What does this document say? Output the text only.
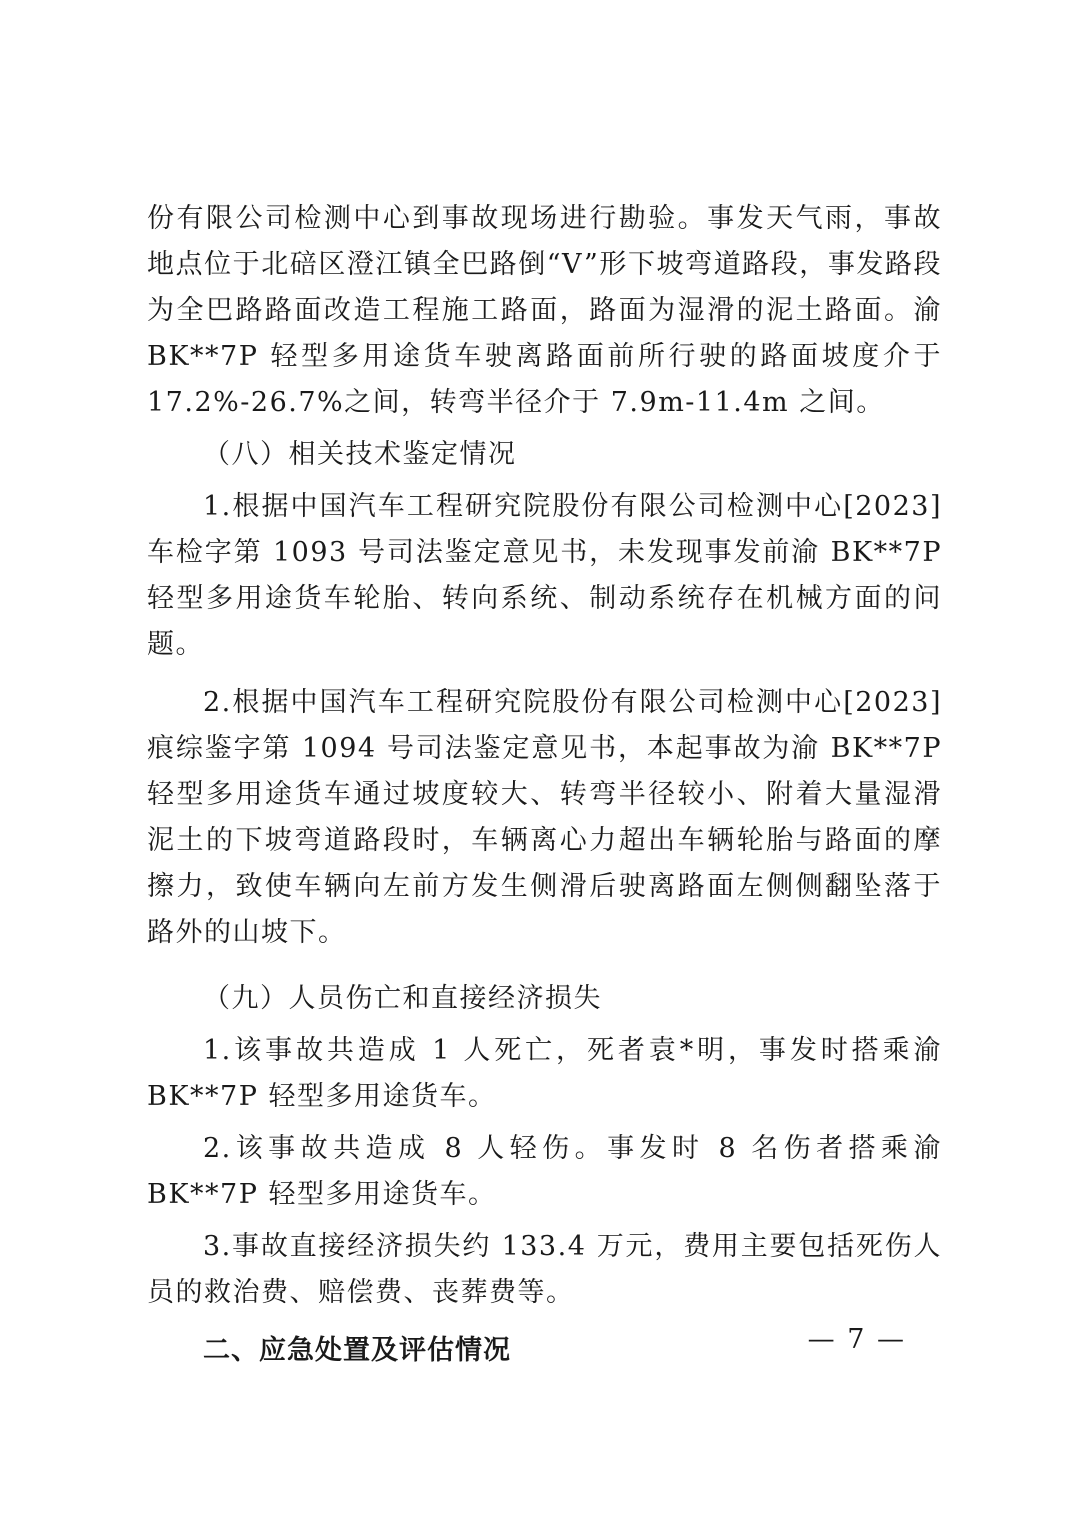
份有限公司检测中心到事故现场进行勘验。事发天气雨，事故地点位于北碚区澄江镇全巴路倒“V”形下坡弯道路段，事发路段为全巴路路面改造工程施工路面，路面为湿滑的泥土路面。渝 BK**7P 轻型多用途货车驶离路面前所行驶的路面坡度介于 17.2%-26.7%之间，转弯半径介于 7.9m-11.4m 之间。

（八）相关技术鉴定情况

1.根据中国汽车工程研究院股份有限公司检测中心[2023]车检字第 1093 号司法鉴定意见书，未发现事发前渝 BK**7P 轻型多用途货车轮胎、转向系统、制动系统存在机械方面的问题。

2.根据中国汽车工程研究院股份有限公司检测中心[2023]痕综鉴字第 1094 号司法鉴定意见书，本起事故为渝 BK**7P 轻型多用途货车通过坡度较大、转弯半径较小、附着大量湿滑泥土的下坡弯道路段时，车辆离心力超出车辆轮胎与路面的摩擦力，致使车辆向左前方发生侧滑后驶离路面左侧侧翻坠落于路外的山坡下。

（九）人员伤亡和直接经济损失

1.该事故共造成 1 人死亡，死者袁*明，事发时搭乘渝 BK**7P 轻型多用途货车。

2.该事故共造成 8 人轻伤。事发时 8 名伤者搭乘渝 BK**7P 轻型多用途货车。

3.事故直接经济损失约 133.4 万元，费用主要包括死伤人员的救治费、赔偿费、丧葬费等。

二、应急处置及评估情况	— 7 —
